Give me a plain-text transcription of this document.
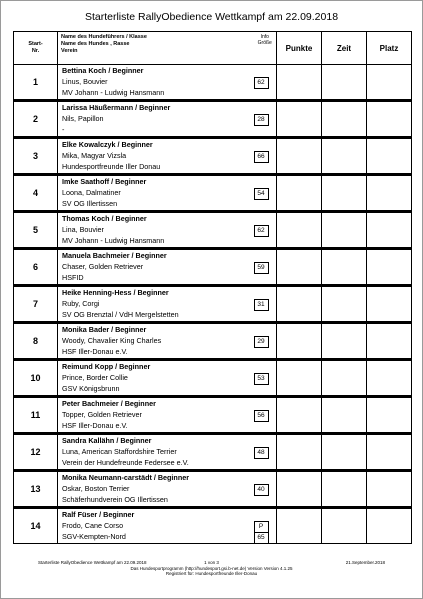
Starterliste RallyObedience Wettkampf am 22.09.2018
Start-
Nr.	Name des Hundeführers / Klasse
Name des Hundes , Rasse
Verein	Info
Größe	Punkte	Zeit	Platz
1	Bettina Koch / Beginner
Linus, Bouvier
MV Johann - Ludwig Hansmann	62			

2	Larissa Häußermann / Beginner
Nils, Papillon
-	28			

3	Elke Kowalczyk / Beginner
Mika, Magyar Vizsla
Hundesportfreunde Iller Donau	66			

4	Imke Saathoff / Beginner
Loona, Dalmatiner
SV OG Illertissen	54			

5	Thomas Koch / Beginner
Lina, Bouvier
MV Johann - Ludwig Hansmann	62			

6	Manuela Bachmeier / Beginner
Chaser, Golden Retriever
HSFID	59			

7	Heike Henning-Hess / Beginner
Ruby, Corgi
SV OG Brenztal / VdH Mergelstetten	31			

8	Monika Bader / Beginner
Woody, Chavalier King Charles
HSF Iller-Donau e.V.	29			

10	Reimund Kopp / Beginner
Prince, Border Collie
GSV Königsbrunn	53			

11	Peter Bachmeier / Beginner
Topper, Golden Retriever
HSF Iller-Donau e.V.	56			

12	Sandra Kallähn / Beginner
Luna, American Staffordshire Terrier
Verein der Hundefreunde Federsee e.V.	48			

13	Monika Neumann-carstädt / Beginner
Oskar, Boston Terrier
Schäferhundverein OG Illertissen	40			

14	Ralf Füser / Beginner
Frodo, Cane Corso
SGV-Kempten-Nord	P
65			

Starterliste RallyObedience Wettkampf am 22.09.2018	1 von 3	21.September.2018
Das Hundesportprogramm (http://hundesport.gsi.b-net.de) Version Version 4.1.25
Registriert für: Hundesportfreunde Iller-Donau
